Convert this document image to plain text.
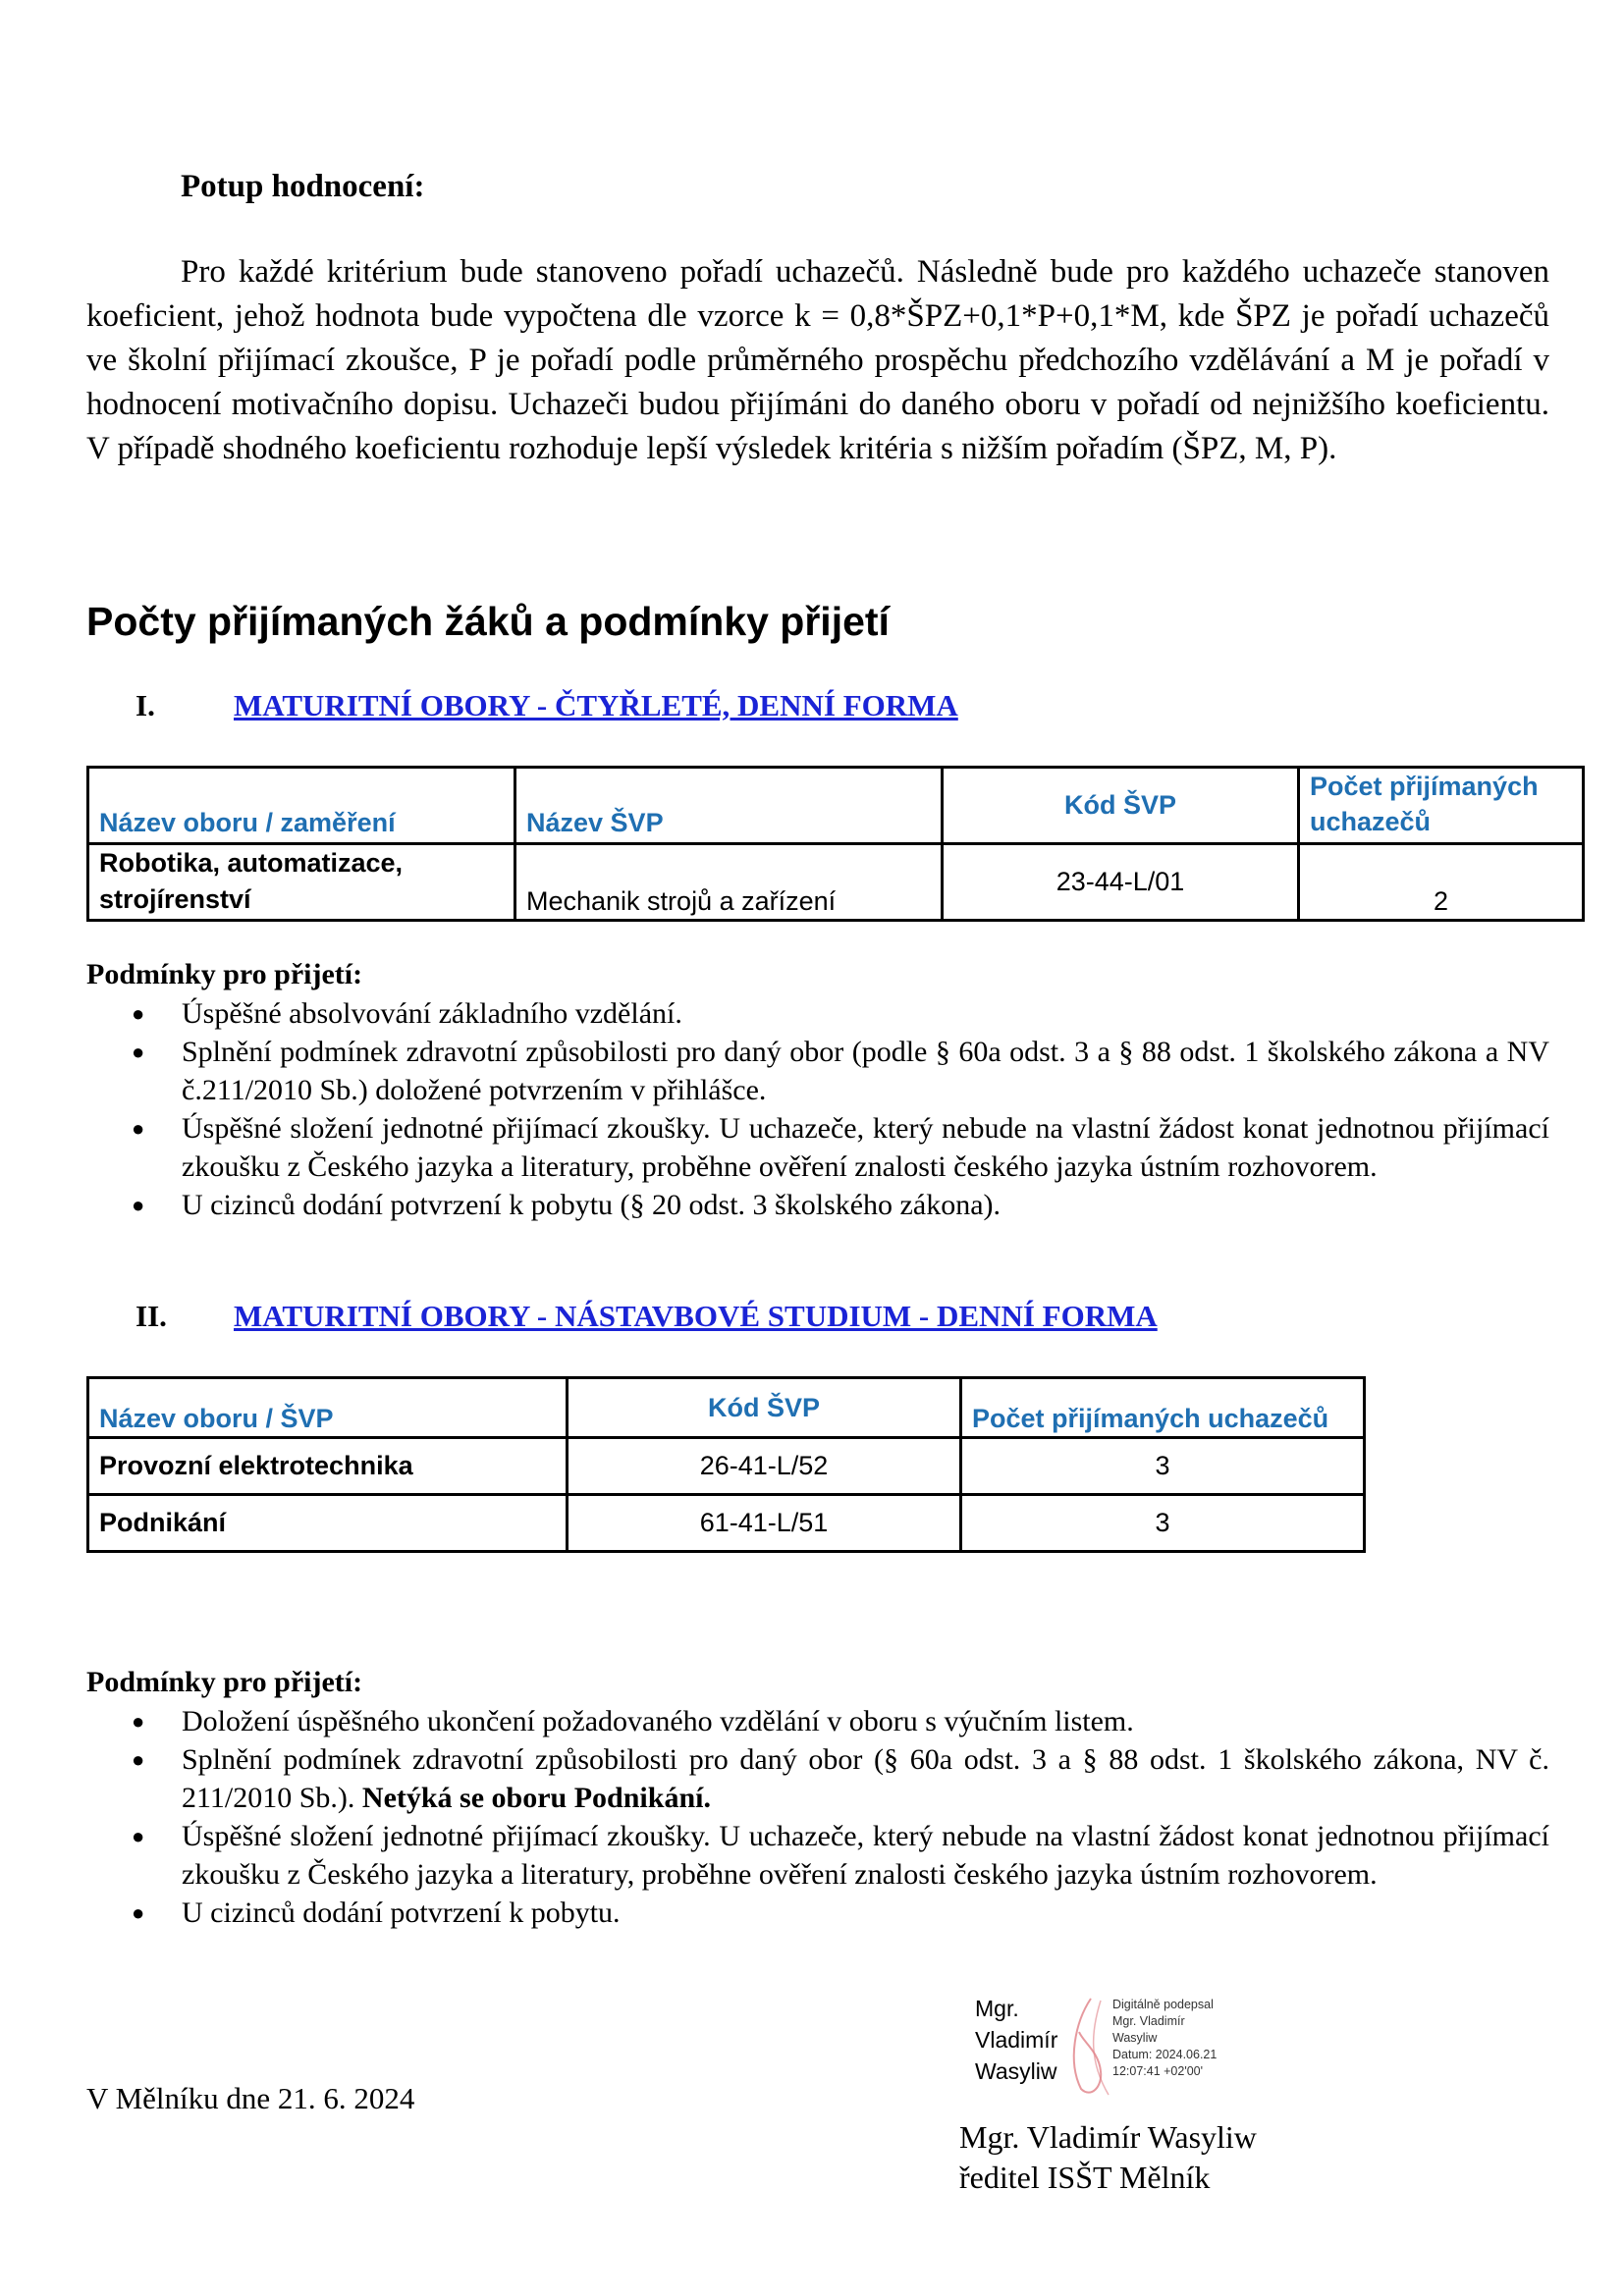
Potup hodnocení:

Pro každé kritérium bude stanoveno pořadí uchazečů. Následně bude pro každého uchazeče stanoven koeficient, jehož hodnota bude vypočtena dle vzorce k = 0,8*ŠPZ+0,1*P+0,1*M, kde ŠPZ je pořadí uchazečů ve školní přijímací zkoušce, P je pořadí podle průměrného prospěchu předchozího vzdělávání a M je pořadí v hodnocení motivačního dopisu. Uchazeči budou přijímáni do daného oboru v pořadí od nejnižšího koeficientu. V případě shodného koeficientu rozhoduje lepší výsledek kritéria s nižším pořadím (ŠPZ, M, P).

Počty přijímaných žáků a podmínky přijetí
I.	MATURITNÍ OBORY - ČTYŘLETÉ, DENNÍ FORMA
Název oboru / zaměření	Název ŠVP	Kód ŠVP	Počet přijímaných uchazečů
Robotika, automatizace, strojírenství	Mechanik strojů a zařízení	23-44-L/01	2
Podmínky pro přijetí:
● Úspěšné absolvování základního vzdělání.
● Splnění podmínek zdravotní způsobilosti pro daný obor (podle § 60a odst. 3 a § 88 odst. 1 školského zákona a NV č.211/2010 Sb.) doložené potvrzením v přihlášce.
● Úspěšné složení jednotné přijímací zkoušky. U uchazeče, který nebude na vlastní žádost konat jednotnou přijímací zkoušku z Českého jazyka a literatury, proběhne ověření znalosti českého jazyka ústním rozhovorem.
● U cizinců dodání potvrzení k pobytu (§ 20 odst. 3 školského zákona).
II. MATURITNÍ OBORY - NÁSTAVBOVÉ STUDIUM - DENNÍ FORMA
Název oboru / ŠVP	Kód ŠVP	Počet přijímaných uchazečů
Provozní elektrotechnika	26-41-L/52	3
Podnikání	61-41-L/51	3
Podmínky pro přijetí:
● Doložení úspěšného ukončení požadovaného vzdělání v oboru s výučním listem.
● Splnění podmínek zdravotní způsobilosti pro daný obor (§ 60a odst. 3 a § 88 odst. 1 školského zákona, NV č. 211/2010 Sb.). Netýká se oboru Podnikání.
● Úspěšné složení jednotné přijímací zkoušky. U uchazeče, který nebude na vlastní žádost konat jednotnou přijímací zkoušku z Českého jazyka a literatury, proběhne ověření znalosti českého jazyka ústním rozhovorem.
● U cizinců dodání potvrzení k pobytu.
V Mělníku dne 21. 6. 2024
Mgr.
Vladimír
Wasyliw
Digitálně podepsal
Mgr. Vladimír
Wasyliw
Datum: 2024.06.21
12:07:41 +02'00'
Mgr. Vladimír Wasyliw
ředitel ISŠT Mělník
